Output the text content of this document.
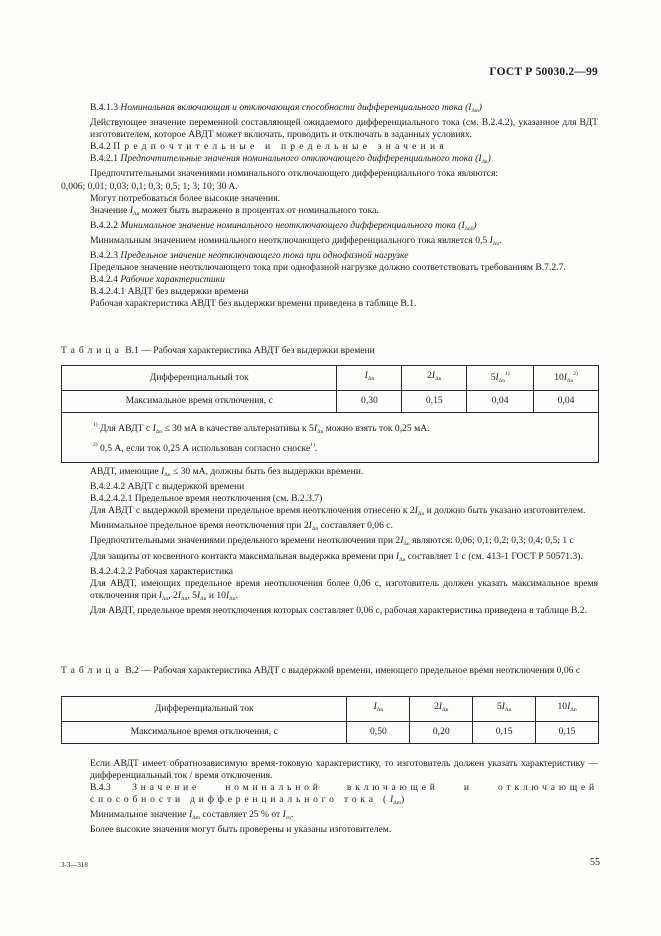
ГОСТ Р 50030.2—99

B.4.1.3 Номинальная включающая и отключающая способности дифференциального тока $(I_{\Delta m})$

Действующее значение переменной составляющей ожидаемого дифференциального тока (см. B.2.4.2), указанное для ВДТ изготовителем, которое АВДТ может включать, проводить и отключать в заданных условиях.

B.4.2 Предпочтительные и предельные значения

B.4.2.1 Предпочтительные значения номинального отключающего дифференциального тока $(I_{\Delta n})$

Предпочтительными значениями номинального отключающего дифференциального тока являются:

0,006; 0,01; 0,03; 0,1; 0,3; 0,5; 1; 3; 10; 30 A.

Могут потребоваться более высокие значения.

Значение $I_{\Delta n}$ может быть выражено в процентах от номинального тока.

B.4.2.2 Минимальное значение номинального неотключающего дифференциального тока $(I_{\Delta n0})$

Минимальным значением номинального неотключающего дифференциального тока является 0,5 $I_{\Delta n}$.

B.4.2.3 Предельное значение неотключающего тока при однофазной нагрузке

Предельное значение неотключающего тока при однофазной нагрузке должно соответствовать требованиям B.7.2.7.

B.4.2.4 Рабочие характеристики

B.4.2.4.1 АВДТ без выдержки времени

Рабочая характеристика АВДТ без выдержки времени приведена в таблице B.1.

Таблица B.1 — Рабочая характеристика АВДТ без выдержки времени

Дифференциальный ток	$I_{\Delta n}$	$2I_{\Delta n}$	$5I_{\Delta n}^{1)}$	$10I_{\Delta n}^{2)}$
Максимальное время отключения, с	0,30	0,15	0,04	0,04

$^{1)}$ Для АВДТ с $I_{\Delta n} \le 30$ мА в качестве альтернативы к $5I_{\Delta n}$ можно взять ток 0,25 мА.
$^{2)}$ 0,5 А, если ток 0,25 А использован согласно сноске$^{1)}$.				

АВДТ, имеющие $I_{\Delta n} \le 30$ мА, должны быть без выдержки времени.

B.4.2.4.2 АВДТ с выдержкой времени

B.4.2.4.2.1 Предельное время неотключения (см. B.2.3.7)

Для АВДТ с выдержкой времени предельное время неотключения отнесено к $2I_{\Delta n}$ и должно быть указано изготовителем.

Минимальное предельное время неотключения при $2I_{\Delta n}$ составляет 0,06 с.

Предпочтительными значениями предельного времени неотключения при $2I_{\Delta n}$ являются: 0,06; 0,1; 0,2; 0,3; 0,4; 0,5; 1 с

Для защиты от косвенного контакта максимальная выдержка времени при $I_{\Delta n}$ составляет 1 с (см. 413-1 ГОСТ Р 50571.3).

B.4.2.4.2.2 Рабочая характеристика

Для АВДТ, имеющих предельное время неотключения более 0,06 с, изготовитель должен указать максимальное время отключения при $I_{\Delta n}$, $2I_{\Delta n}$, $5I_{\Delta n}$ и $10I_{\Delta n}$.

Для АВДТ, предельное время неотключения которых составляет 0,06 с, рабочая характеристика приведена в таблице B.2.

Таблица B.2 — Рабочая характеристика АВДТ с выдержкой времени, имеющего предельное время неотключения 0,06 с

Дифференциальный ток	$I_{\Delta n}$	$2I_{\Delta n}$	$5I_{\Delta n}$	$10I_{\Delta n}$
Максимальное время отключения, с	0,50	0,20	0,15	0,15

Если АВДТ имеет обратнозависимую время-токовую характеристику, то изготовитель должен указать характеристику — дифференциальный ток / время отключения.

B.4.3 Значение номинальной включающей и отключающей способности дифференциального тока $(I_{\Delta m})$

Минимальное значение $I_{\Delta m}$ составляет 25 % от $I_{cn}$.

Более высокие значения могут быть проверены и указаны изготовителем.

3-3—318	55
